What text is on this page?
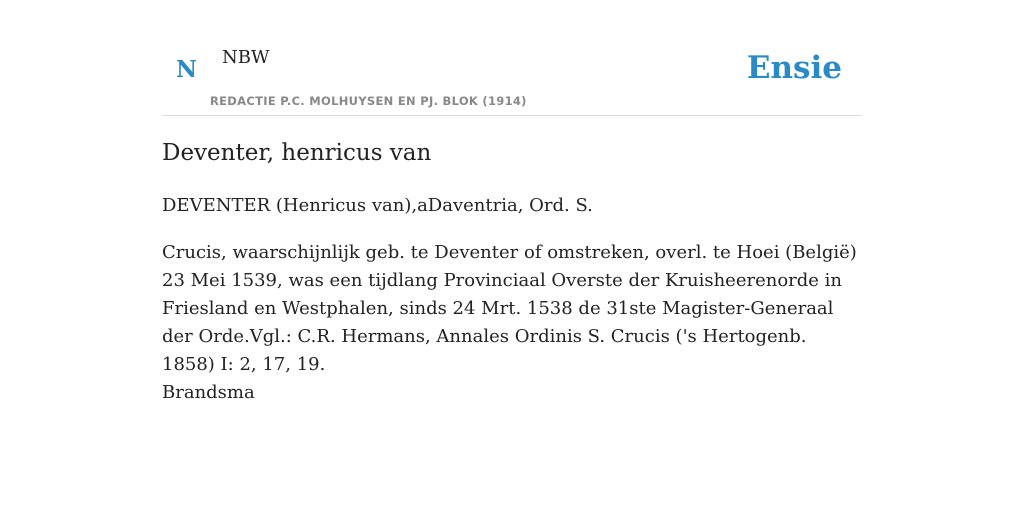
N NBW
REDACTIE P.C. MOLHUYSEN EN PJ. BLOK (1914)
Ensie
Deventer, henricus van

DEVENTER (Henricus van),aDaventria, Ord. S.

Crucis, waarschijnlijk geb. te Deventer of omstreken, overl. te Hoei (België) 23 Mei 1539, was een tijdlang Provinciaal Overste der Kruisheerenorde in Friesland en Westphalen, sinds 24 Mrt. 1538 de 31ste Magister-Generaal der Orde.Vgl.: C.R. Hermans, Annales Ordinis S. Crucis ('s Hertogenb. 1858) I: 2, 17, 19.

Brandsma
